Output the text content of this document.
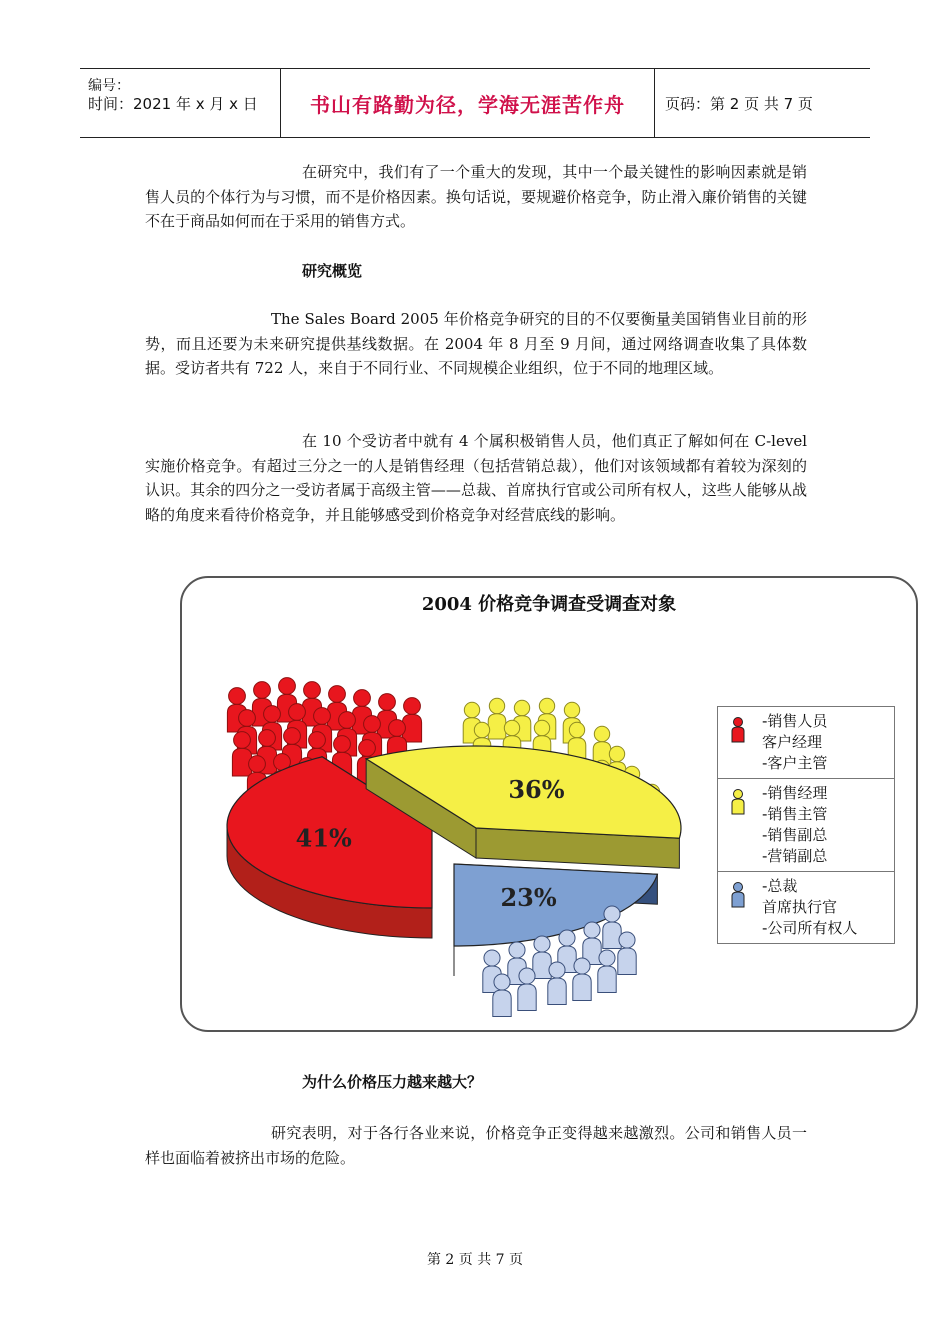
编号：
时间：2021 年 x 月 x 日	书山有路勤为径，学海无涯苦作舟	页码：第 2 页 共 7 页

在研究中，我们有了一个重大的发现，其中一个最关键性的影响因素就是销售人员的个体行为与习惯，而不是价格因素。换句话说，要规避价格竞争，防止滑入廉价销售的关键不在于商品如何而在于采用的销售方式。

研究概览

The Sales Board 2005 年价格竞争研究的目的不仅要衡量美国销售业目前的形势，而且还要为未来研究提供基线数据。在 2004 年 8 月至 9 月间，通过网络调查收集了具体数据。受访者共有 722 人，来自于不同行业、不同规模企业组织，位于不同的地理区域。

在 10 个受访者中就有 4 个属积极销售人员，他们真正了解如何在 C-level 实施价格竞争。有超过三分之一的人是销售经理（包括营销总裁），他们对该领域都有着较为深刻的认识。其余的四分之一受访者属于高级主管——总裁、首席执行官或公司所有权人，这些人能够从战略的角度来看待价格竞争，并且能够感受到价格竞争对经营底线的影响。

2004 价格竞争调查受调查对象
41%
36%
23%
-销售人员
客户经理
-客户主管
-销售经理
-销售主管
-销售副总
-营销副总
-总裁
首席执行官
-公司所有权人
为什么价格压力越来越大？

研究表明，对于各行各业来说，价格竞争正变得越来越激烈。公司和销售人员一样也面临着被挤出市场的危险。

第 2 页 共 7 页
